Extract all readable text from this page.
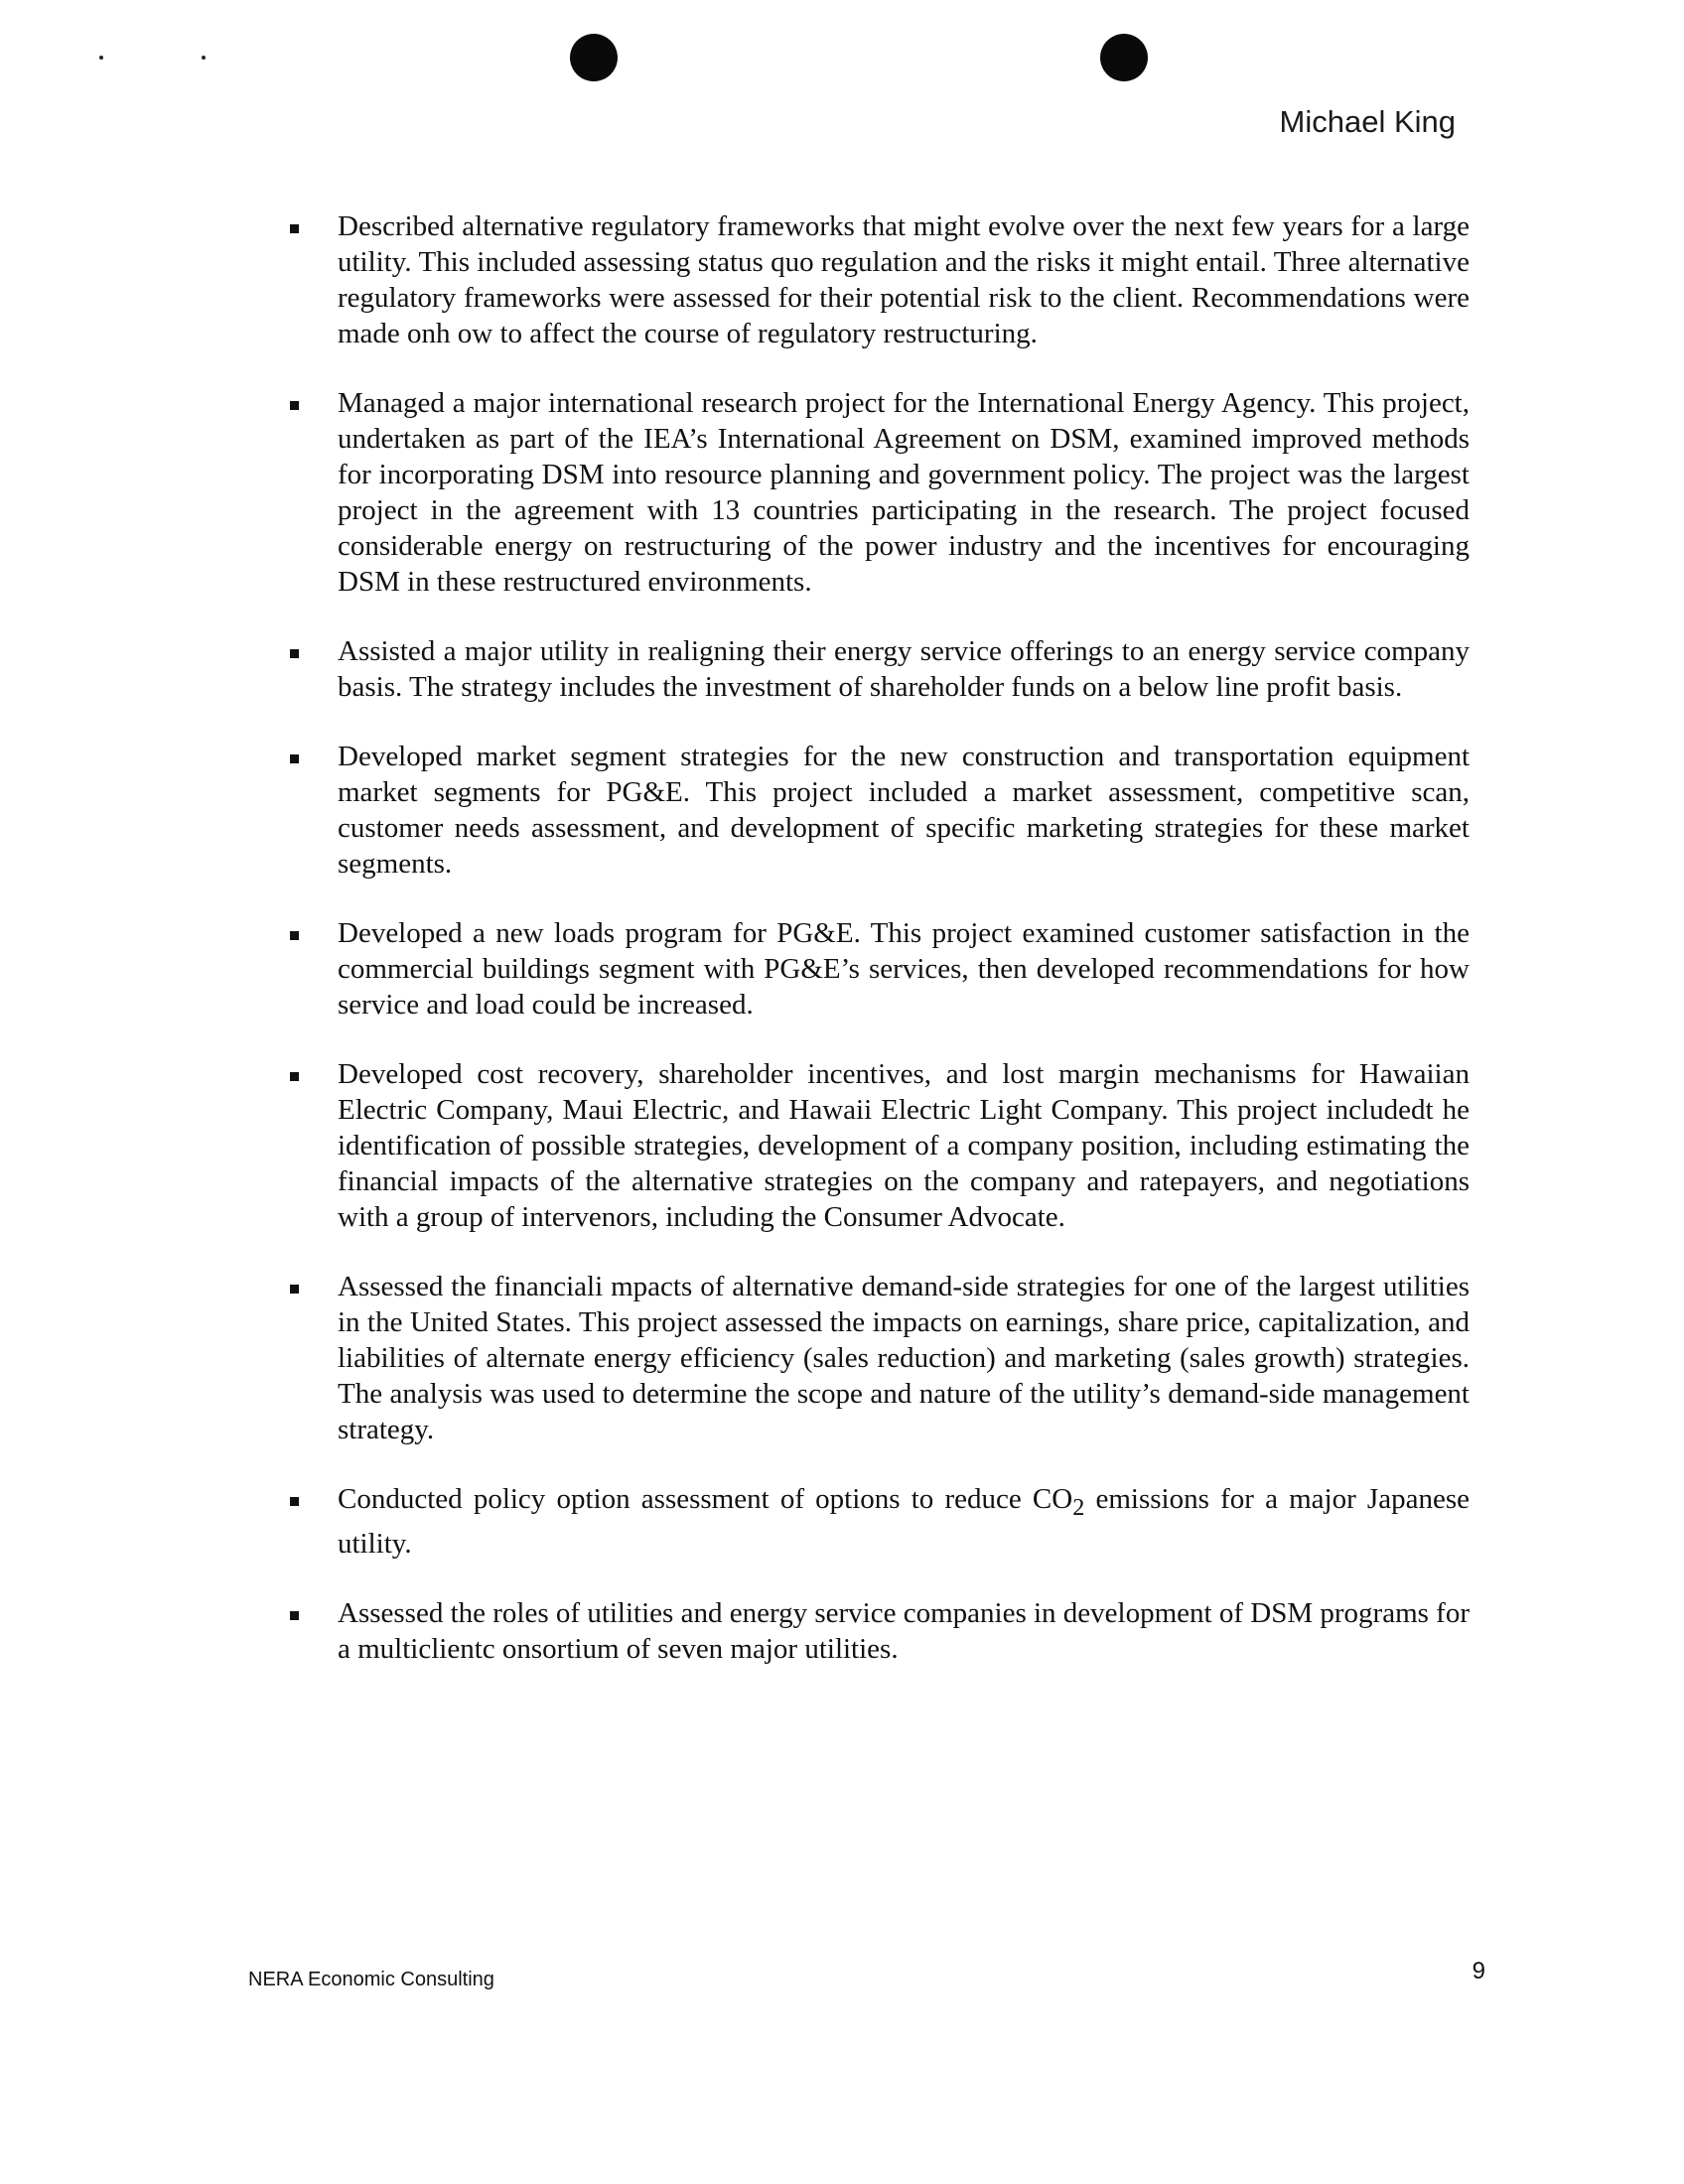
Michael King
Described alternative regulatory frameworks that might evolve over the next few years for a large utility. This included assessing status quo regulation and the risks it might entail. Three alternative regulatory frameworks were assessed for their potential risk to the client. Recommendations were made onh ow to affect the course of regulatory restructuring.
Managed a major international research project for the International Energy Agency. This project, undertaken as part of the IEA’s International Agreement on DSM, examined improved methods for incorporating DSM into resource planning and government policy. The project was the largest project in the agreement with 13 countries participating in the research. The project focused considerable energy on restructuring of the power industry and the incentives for encouraging DSM in these restructured environments.
Assisted a major utility in realigning their energy service offerings to an energy service company basis. The strategy includes the investment of shareholder funds on a below line profit basis.
Developed market segment strategies for the new construction and transportation equipment market segments for PG&E. This project included a market assessment, competitive scan, customer needs assessment, and development of specific marketing strategies for these market segments.
Developed a new loads program for PG&E. This project examined customer satisfaction in the commercial buildings segment with PG&E’s services, then developed recommendations for how service and load could be increased.
Developed cost recovery, shareholder incentives, and lost margin mechanisms for Hawaiian Electric Company, Maui Electric, and Hawaii Electric Light Company. This project includedt he identification of possible strategies, development of a company position, including estimating the financial impacts of the alternative strategies on the company and ratepayers, and negotiations with a group of intervenors, including the Consumer Advocate.
Assessed the financiali mpacts of alternative demand-side strategies for one of the largest utilities in the United States. This project assessed the impacts on earnings, share price, capitalization, and liabilities of alternate energy efficiency (sales reduction) and marketing (sales growth) strategies. The analysis was used to determine the scope and nature of the utility’s demand-side management strategy.
Conducted policy option assessment of options to reduce $CO_2$ emissions for a major Japanese utility.
Assessed the roles of utilities and energy service companies in development of DSM programs for a multiclientc onsortium of seven major utilities.
NERA Economic Consulting	9
